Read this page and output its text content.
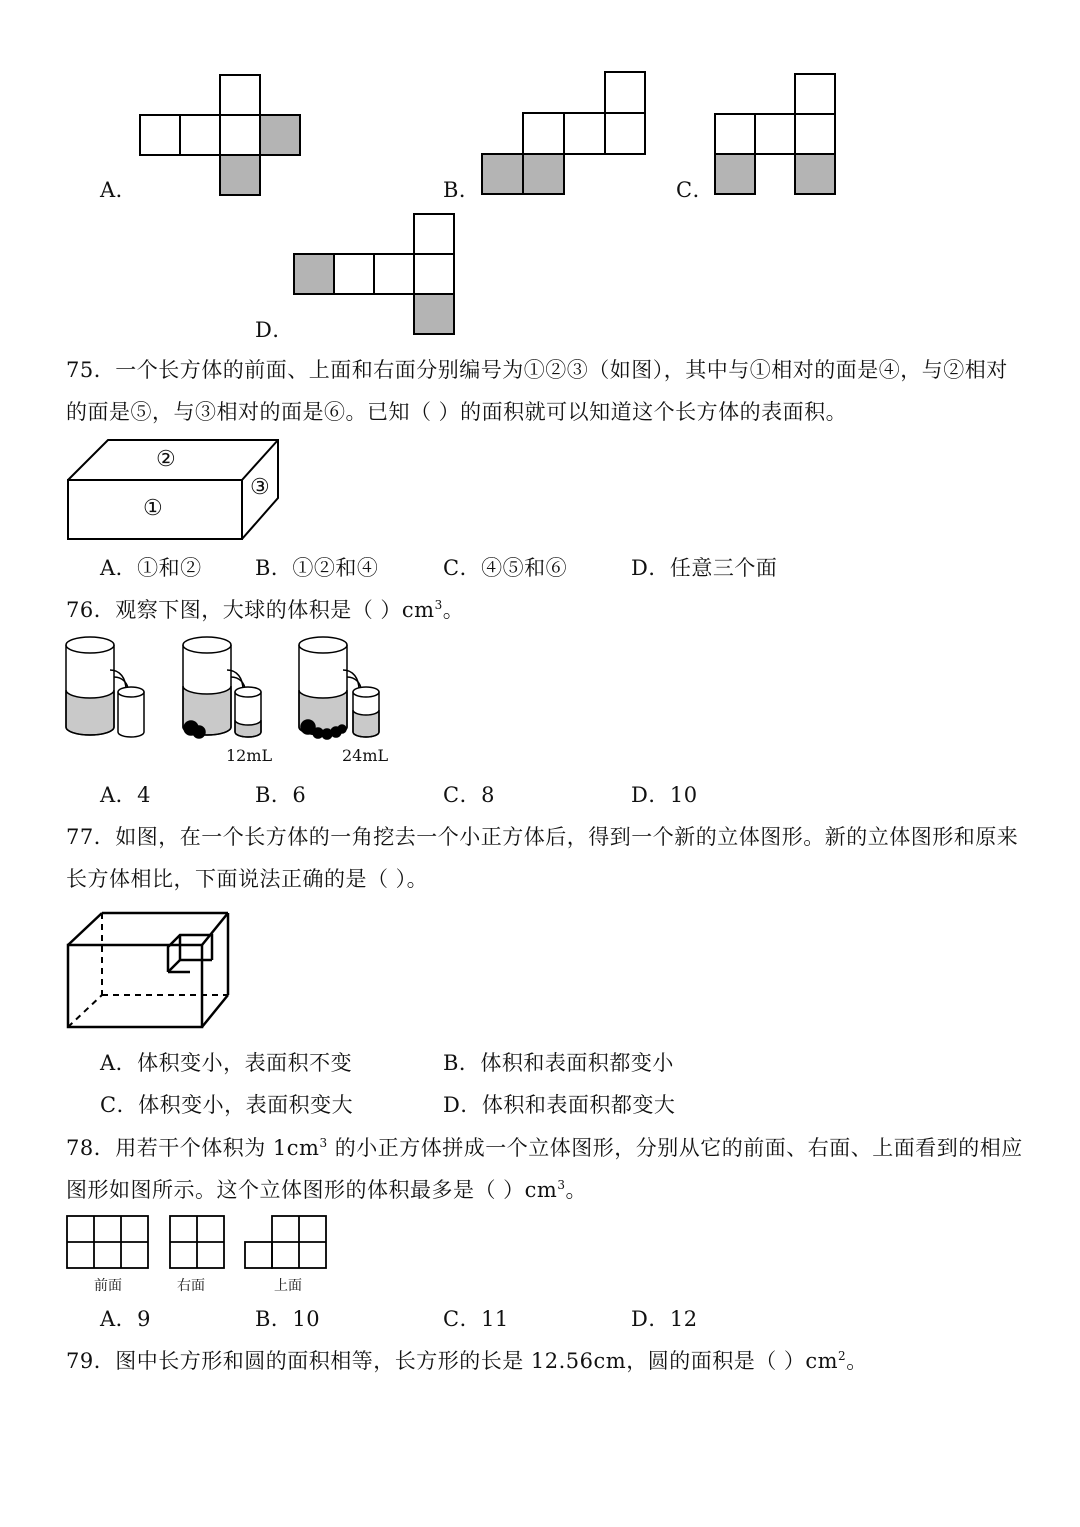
A．	B．	C．
D．
75．一个长方体的前面、上面和右面分别编号为①②③（如图），其中与①相对的面是④，与②相对
的面是⑤，与③相对的面是⑥。已知（ ）的面积就可以知道这个长方体的表面积。
②
③
①
A．①和②	B．①②和④	C．④⑤和⑥	D．任意三个面
76．观察下图，大球的体积是（ ）$cm^3$。
12mL	24mL
A．4	B．6	C．8	D．10
77．如图，在一个长方体的一角挖去一个小正方体后，得到一个新的立体图形。新的立体图形和原来
长方体相比，下面说法正确的是（ ）。
A．体积变小，表面积不变	B．体积和表面积都变小
C．体积变小，表面积变大	D．体积和表面积都变大
78．用若干个体积为 $1cm^3$ 的小正方体拼成一个立体图形，分别从它的前面、右面、上面看到的相应
图形如图所示。这个立体图形的体积最多是（ ）$cm^3$。
前面	右面	上面
A．9	B．10	C．11	D．12
79．图中长方形和圆的面积相等，长方形的长是 12.56cm，圆的面积是（ ）$cm^2$。
